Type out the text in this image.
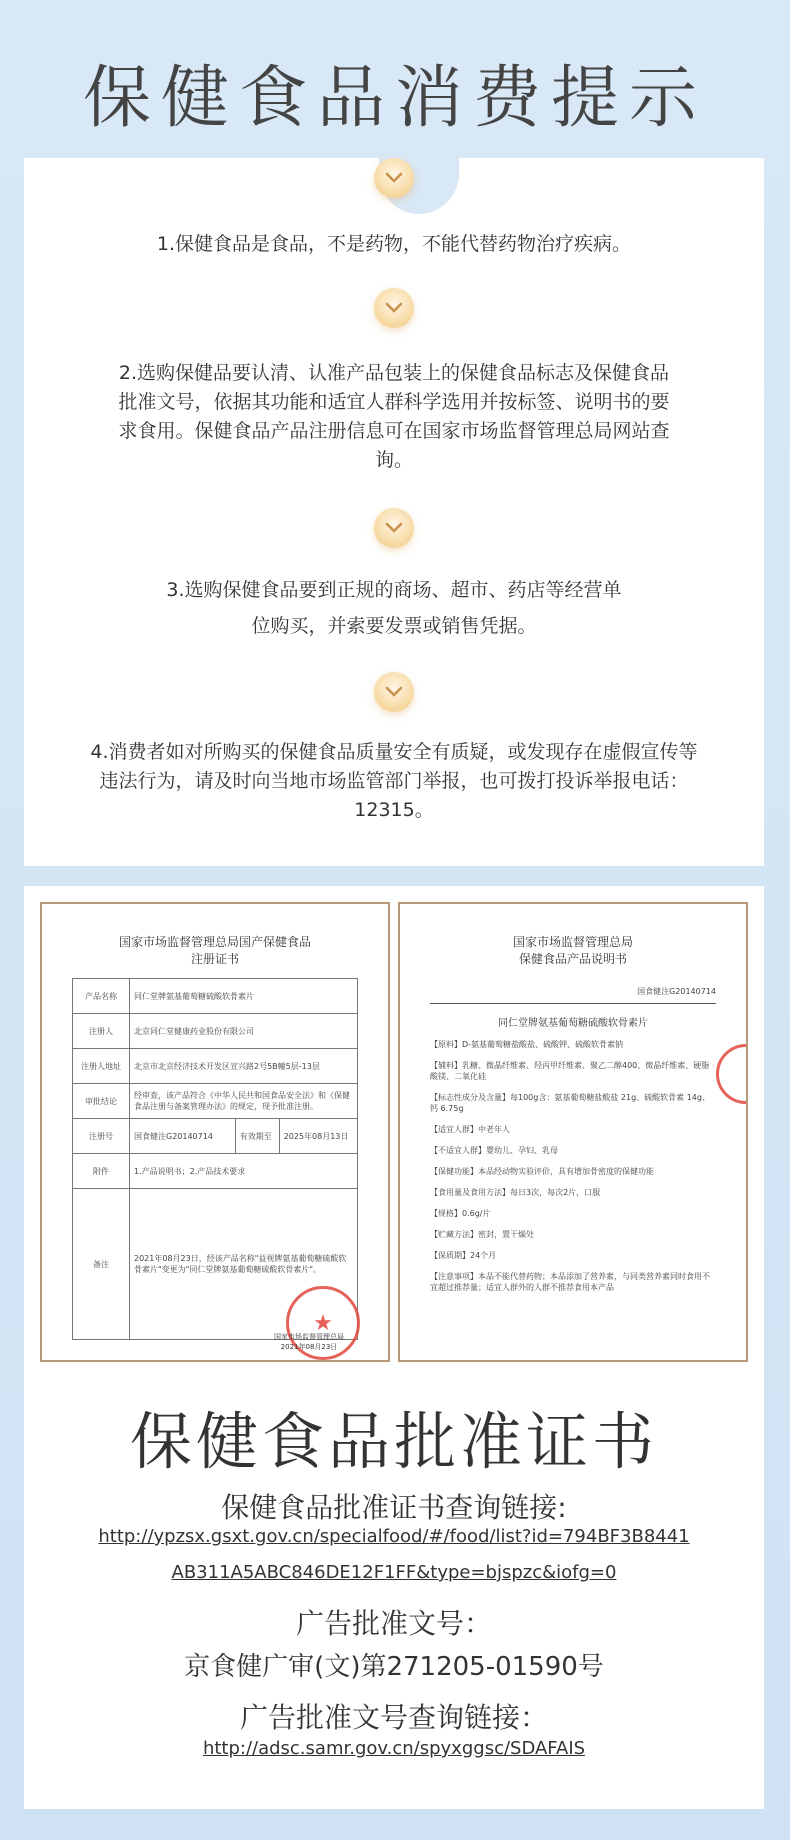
保健食品消费提示
1.保健食品是食品，不是药物，不能代替药物治疗疾病。
2.选购保健品要认清、认准产品包装上的保健食品标志及保健食品批准文号，依据其功能和适宜人群科学选用并按标签、说明书的要求食用。保健食品产品注册信息可在国家市场监督管理总局网站查询。
3.选购保健食品要到正规的商场、超市、药店等经营单位购买，并索要发票或销售凭据。
4.消费者如对所购买的保健食品质量安全有质疑，或发现存在虚假宣传等违法行为，请及时向当地市场监管部门举报，也可拨打投诉举报电话：12315。
国家市场监督管理总局国产保健食品
注册证书
产品名称	同仁堂牌氨基葡萄糖硫酸软骨素片		
注册人	北京同仁堂健康药业股份有限公司		
注册人地址	北京市北京经济技术开发区宣兴路2号5B幢5层-13层		
审批结论	经审查，该产品符合《中华人民共和国食品安全法》和《保健食品注册与备案管理办法》的规定，现予批准注册。		
注册号	国食健注G20140714	有效期至	2025年08月13日
附件	1.产品说明书；2.产品技术要求		
备注	2021年08月23日，经该产品名称"益视牌氨基葡萄糖硫酸软骨素片"变更为"同仁堂牌氨基葡萄糖硫酸软骨素片"。		
★
国家市场监督管理总局 2021年08月23日
国家市场监督管理总局
保健食品产品说明书
国食健注G20140714
同仁堂牌氨基葡萄糖硫酸软骨素片
【原料】D-氨基葡萄糖盐酸盐、硫酸钾、硫酸软骨素钠
【辅料】乳糖、微晶纤维素、羟丙甲纤维素、聚乙二醇400、微晶纤维素、硬脂酸镁、二氧化硅
【标志性成分及含量】每100g含：氨基葡萄糖盐酸盐 21g、硫酸软骨素 14g、钙 6.75g
【适宜人群】中老年人
【不适宜人群】婴幼儿、孕妇、乳母
【保健功能】本品经动物实验评价，具有增加骨密度的保健功能
【食用量及食用方法】每日3次，每次2片，口服
【规格】0.6g/片
【贮藏方法】密封，置干燥处
【保质期】24个月
【注意事项】本品不能代替药物；本品添加了营养素，与同类营养素同时食用不宜超过推荐量；适宜人群外的人群不推荐食用本产品
保健食品批准证书
保健食品批准证书查询链接:
http://ypzsx.gsxt.gov.cn/specialfood/#/food/list?id=794BF3B8441
AB311A5ABC846DE12F1FF&type=bjspzc&iofg=0
广告批准文号：
京食健广审(文)第271205-01590号
广告批准文号查询链接：
http://adsc.samr.gov.cn/spyxggsc/SDAFAIS
